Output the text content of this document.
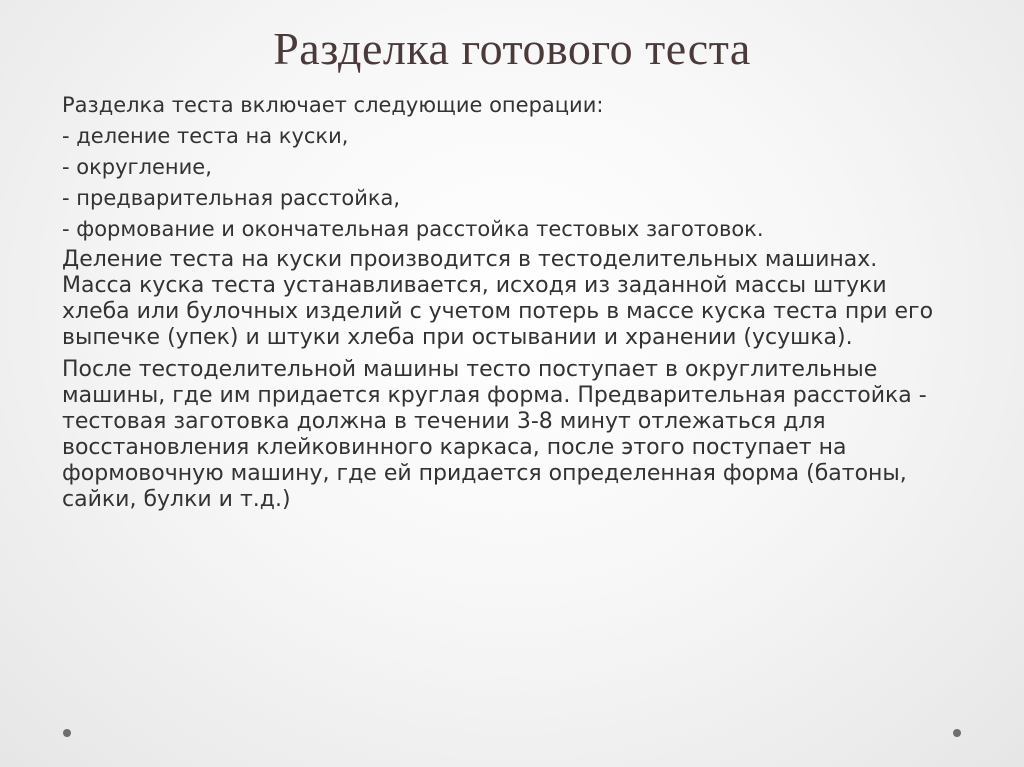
Разделка готового теста
Разделка теста включает следующие операции:
- деление теста на куски,
- округление,
- предварительная расстойка,
- формование и окончательная расстойка тестовых заготовок.

Деление теста на куски производится в тестоделительных машинах. Масса куска теста устанавливается, исходя из заданной массы штуки хлеба или булочных изделий с учетом потерь в массе куска теста при его выпечке (упек) и штуки хлеба при остывании и хранении (усушка).

После тестоделительной машины тесто поступает в округлительные машины, где им придается круглая форма. Предварительная расстойка - тестовая заготовка должна в течении 3-8 минут отлежаться для восстановления клейковинного каркаса, после этого поступает на формовочную машину, где ей придается определенная форма (батоны, сайки, булки и т.д.)
